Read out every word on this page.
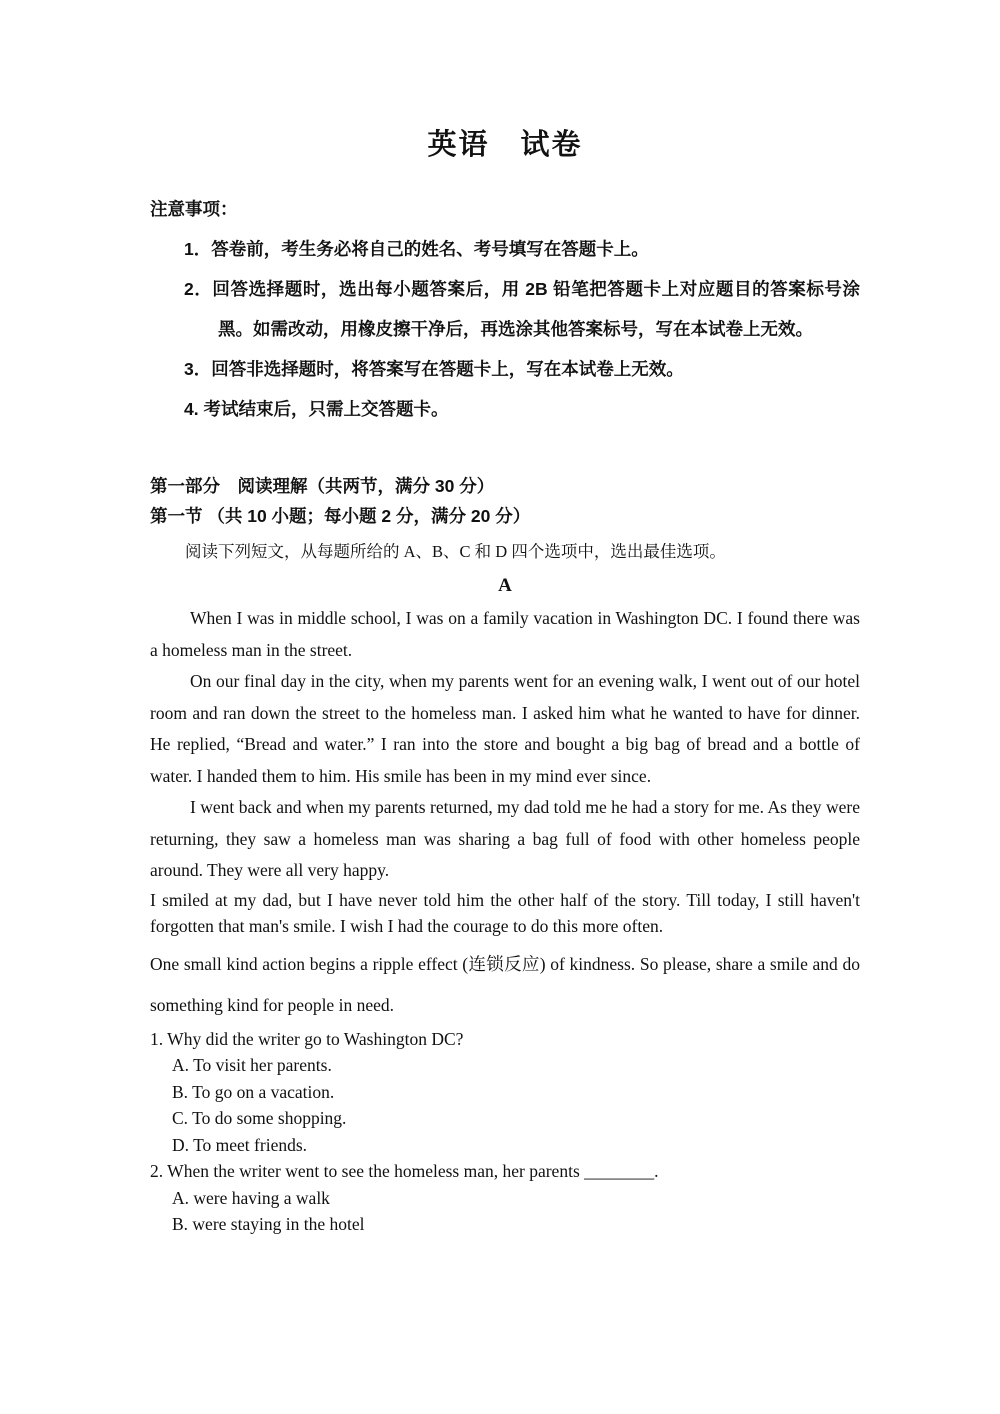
英语　试卷

注意事项：

1．答卷前，考生务必将自己的姓名、考号填写在答题卡上。

2．回答选择题时，选出每小题答案后，用 2B 铅笔把答题卡上对应题目的答案标号涂黑。如需改动，用橡皮擦干净后，再选涂其他答案标号，写在本试卷上无效。

3．回答非选择题时，将答案写在答题卡上，写在本试卷上无效。

4. 考试结束后，只需上交答题卡。

第一部分　阅读理解（共两节，满分 30 分）

第一节 （共 10 小题；每小题 2 分，满分 20 分）

阅读下列短文，从每题所给的 A、B、C 和 D 四个选项中，选出最佳选项。

A

When I was in middle school, I was on a family vacation in Washington DC. I found there was a homeless man in the street.

On our final day in the city, when my parents went for an evening walk, I went out of our hotel room and ran down the street to the homeless man. I asked him what he wanted to have for dinner. He replied, “Bread and water.” I ran into the store and bought a big bag of bread and a bottle of water. I handed them to him. His smile has been in my mind ever since.

I went back and when my parents returned, my dad told me he had a story for me. As they were returning, they saw a homeless man was sharing a bag full of food with other homeless people around. They were all very happy.

I smiled at my dad, but I have never told him the other half of the story. Till today, I still haven't forgotten that man's smile. I wish I had the courage to do this more often.

One small kind action begins a ripple effect (连锁反应) of kindness. So please, share a smile and do something kind for people in need.

1. Why did the writer go to Washington DC?

A. To visit her parents.

B. To go on a vacation.

C. To do some shopping.

D. To meet friends.

2. When the writer went to see the homeless man, her parents ________.

A. were having a walk

B. were staying in the hotel
